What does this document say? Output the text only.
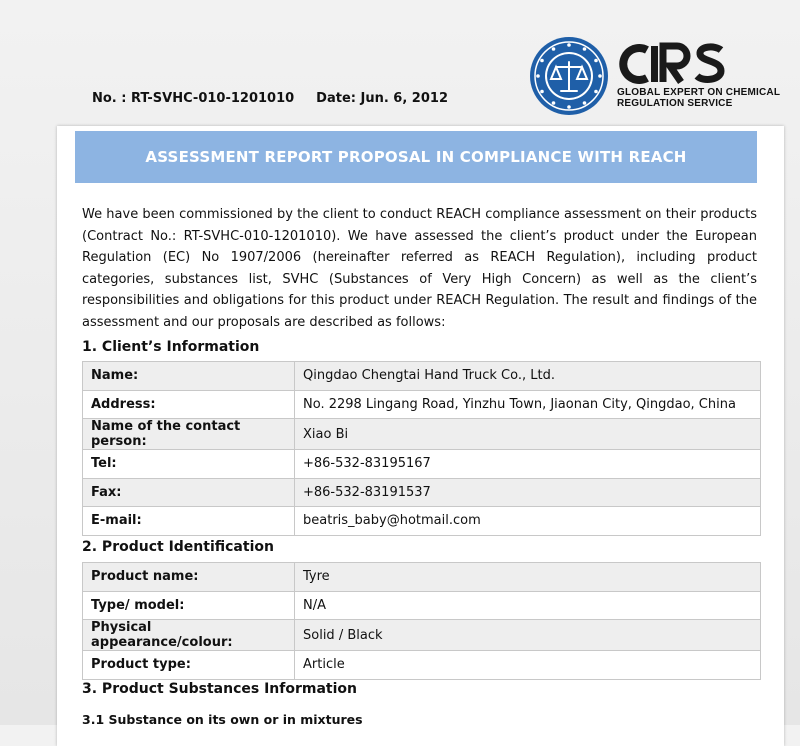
No. : RT-SVHC-010-1201010 Date: Jun. 6, 2012	GLOBAL EXPERT ON CHEMICAL
REGULATION SERVICE
ASSESSMENT REPORT PROPOSAL IN COMPLIANCE WITH REACH
We have been commissioned by the client to conduct REACH compliance assessment on their products (Contract No.: RT-SVHC-010-1201010). We have assessed the client’s product under the European Regulation (EC) No 1907/2006 (hereinafter referred as REACH Regulation), including product categories, substances list, SVHC (Substances of Very High Concern) as well as the client’s responsibilities and obligations for this product under REACH Regulation. The result and findings of the assessment and our proposals are described as follows:
1. Client’s Information
Name:	Qingdao Chengtai Hand Truck Co., Ltd.
Address:	No. 2298 Lingang Road, Yinzhu Town, Jiaonan City, Qingdao, China
Name of the contact person:	Xiao Bi
Tel:	+86-532-83195167
Fax:	+86-532-83191537
E-mail:	beatris_baby@hotmail.com
2. Product Identification
Product name:	Tyre
Type/ model:	N/A
Physical appearance/colour:	Solid / Black
Product type:	Article
3. Product Substances Information
3.1 Substance on its own or in mixtures
